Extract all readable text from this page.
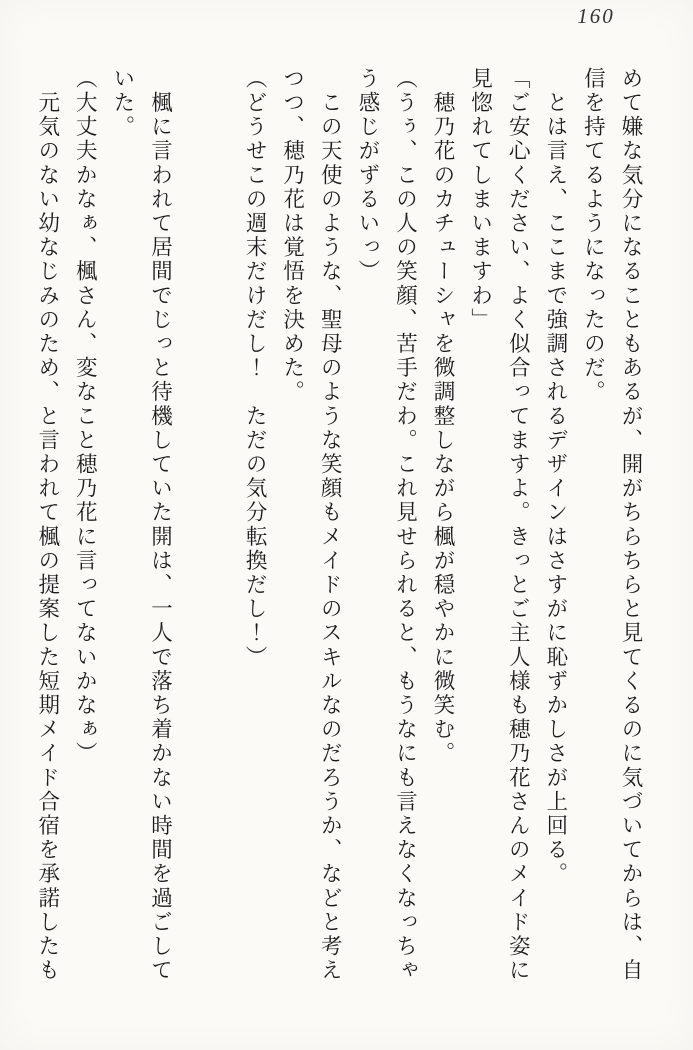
160
めて嫌な気分になることもあるが、開がちらちらと見てくるのに気づいてからは、自
信を持てるようになったのだ。
　とは言え、ここまで強調されるデザインはさすがに恥ずかしさが上回る。
「ご安心ください、よく似合ってますよ。きっとご主人様も穂乃花さんのメイド姿に
見惚れてしまいますわ」
　穂乃花のカチューシャを微調整しながら楓が穏やかに微笑む。
（うぅ、この人の笑顔、苦手だわ。これ見せられると、もうなにも言えなくなっちゃ
う感じがずるいっ）
　この天使のような、聖母のような笑顔もメイドのスキルなのだろうか、などと考え
つつ、穂乃花は覚悟を決めた。
（どうせこの週末だけだし！　ただの気分転換だし！）
　楓に言われて居間でじっと待機していた開は、一人で落ち着かない時間を過ごして
いた。
（大丈夫かなぁ、楓さん、変なこと穂乃花に言ってないかなぁ）
　元気のない幼なじみのため、と言われて楓の提案した短期メイド合宿を承諾したも
